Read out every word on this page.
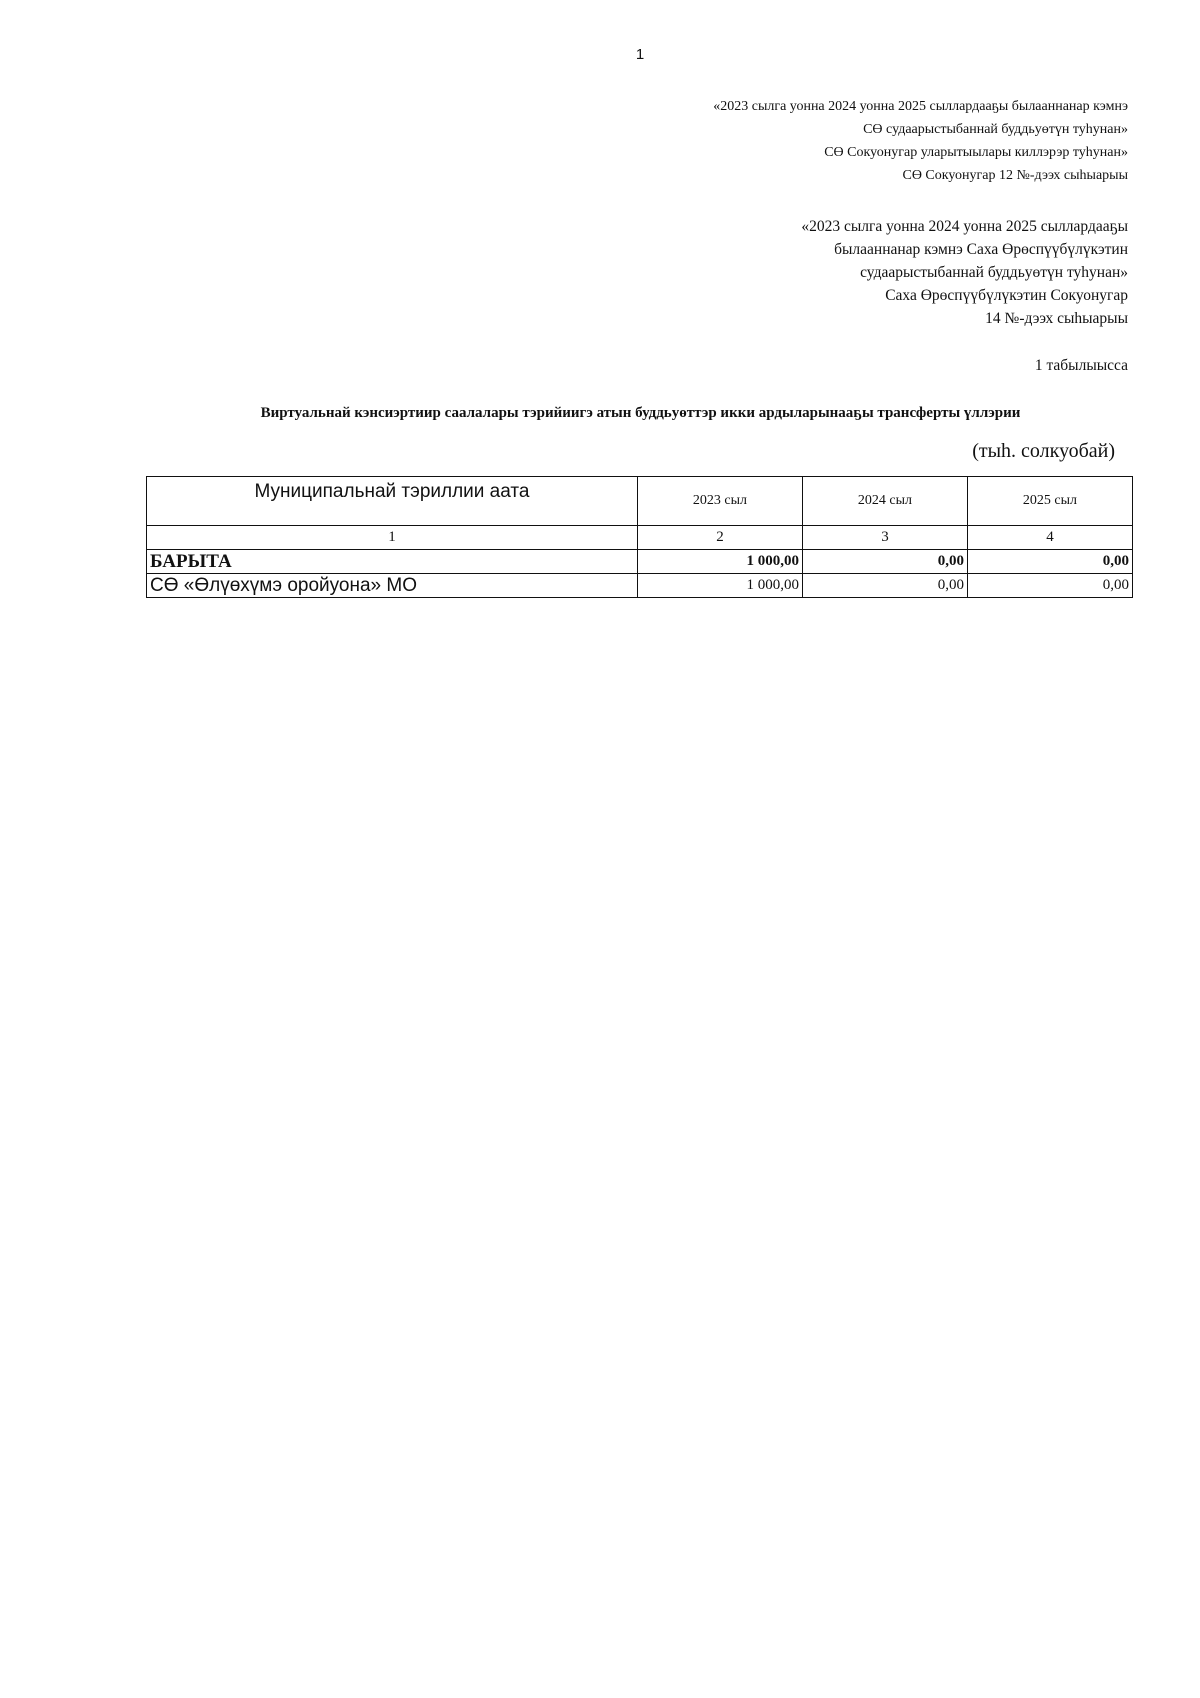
1
«2023 сылга уонна 2024 уонна 2025 сыллардааҕы былааннанар кэмнэ
СӨ судаарыстыбаннай буддьуөтүн туһунан»
СӨ Сокуонугар уларытыылары киллэрэр туһунан»
СӨ Сокуонугар 12 №-дээх сыһыарыы
«2023 сылга уонна 2024 уонна 2025 сыллардааҕы
былааннанар кэмнэ Саха Өрөспүүбүлүкэтин
судаарыстыбаннай буддьуөтүн туһунан»
Саха Өрөспүүбүлүкэтин Сокуонугар
14 №-дээх сыһыарыы
1 табылыысса
Виртуальнай кэнсиэртиир саалалары тэрийиигэ атын буддьуөттэр икки ардыларынааҕы трансферты үллэрии
(тыһ. солкуобай)
Муниципальнай тэриллии аата	2023 сыл	2024 сыл	2025 сыл
1	2	3	4
БАРЫТА	1 000,00	0,00	0,00
СӨ «Өлүөхүмэ оройуона» МО	1 000,00	0,00	0,00
